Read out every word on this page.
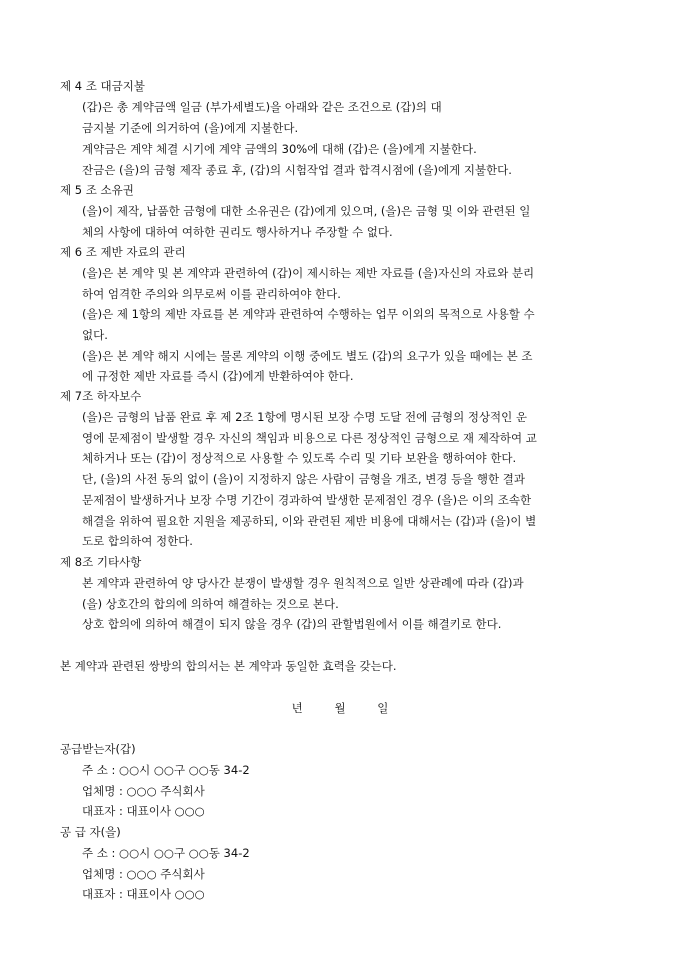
제 4 조 대금지불
(갑)은 총 계약금액 일금 (부가세별도)을 아래와 같은 조건으로 (갑)의 대
금지불 기준에 의거하여 (을)에게 지불한다.
계약금은 계약 체결 시기에 계약 금액의 30%에 대해 (갑)은 (을)에게 지불한다.
잔금은 (을)의 금형 제작 종료 후, (갑)의 시험작업 결과 합격시점에 (을)에게 지불한다.
제 5 조 소유권
(을)이 제작, 납품한 금형에 대한 소유권은 (갑)에게 있으며, (을)은 금형 및 이와 관련된 일
체의 사항에 대하여 여하한 권리도 행사하거나 주장할 수 없다.
제 6 조 제반 자료의 관리
(을)은 본 계약 및 본 계약과 관련하여 (갑)이 제시하는 제반 자료를 (을)자신의 자료와 분리
하여 엄격한 주의와 의무로써 이를 관리하여야 한다.
(을)은 제 1항의 제반 자료를 본 계약과 관련하여 수행하는 업무 이외의 목적으로 사용할 수
없다.
(을)은 본 계약 해지 시에는 물론 계약의 이행 중에도 별도 (갑)의 요구가 있을 때에는 본 조
에 규정한 제반 자료를 즉시 (갑)에게 반환하여야 한다.
제 7조 하자보수
(을)은 금형의 납품 완료 후 제 2조 1항에 명시된 보장 수명 도달 전에 금형의 정상적인 운
영에 문제점이 발생할 경우 자신의 책임과 비용으로 다른 정상적인 금형으로 재 제작하여 교
체하거나 또는 (갑)이 정상적으로 사용할 수 있도록 수리 및 기타 보완을 행하여야 한다.
단, (을)의 사전 동의 없이 (을)이 지정하지 않은 사람이 금형을 개조, 변경 등을 행한 결과
문제점이 발생하거나 보장 수명 기간이 경과하여 발생한 문제점인 경우 (을)은 이의 조속한
해결을 위하여 필요한 지원을 제공하되, 이와 관련된 제반 비용에 대해서는 (갑)과 (을)이 별
도로 합의하여 정한다.
제 8조 기타사항
본 계약과 관련하여 양 당사간 분쟁이 발생할 경우 원칙적으로 일반 상관례에 따라 (갑)과
(을) 상호간의 합의에 의하여 해결하는 것으로 본다.
상호 합의에 의하여 해결이 되지 않을 경우 (갑)의 관할법원에서 이를 해결키로 한다.
본 계약과 관련된 쌍방의 합의서는 본 계약과 동일한 효력을 갖는다.
년	월	일
공급받는자(갑)
주 소 : ○○시 ○○구 ○○동 34-2
업체명 : ○○○ 주식회사
대표자 : 대표이사 ○○○
공 급 자(을)
주 소 : ○○시 ○○구 ○○동 34-2
업체명 : ○○○ 주식회사
대표자 : 대표이사 ○○○
